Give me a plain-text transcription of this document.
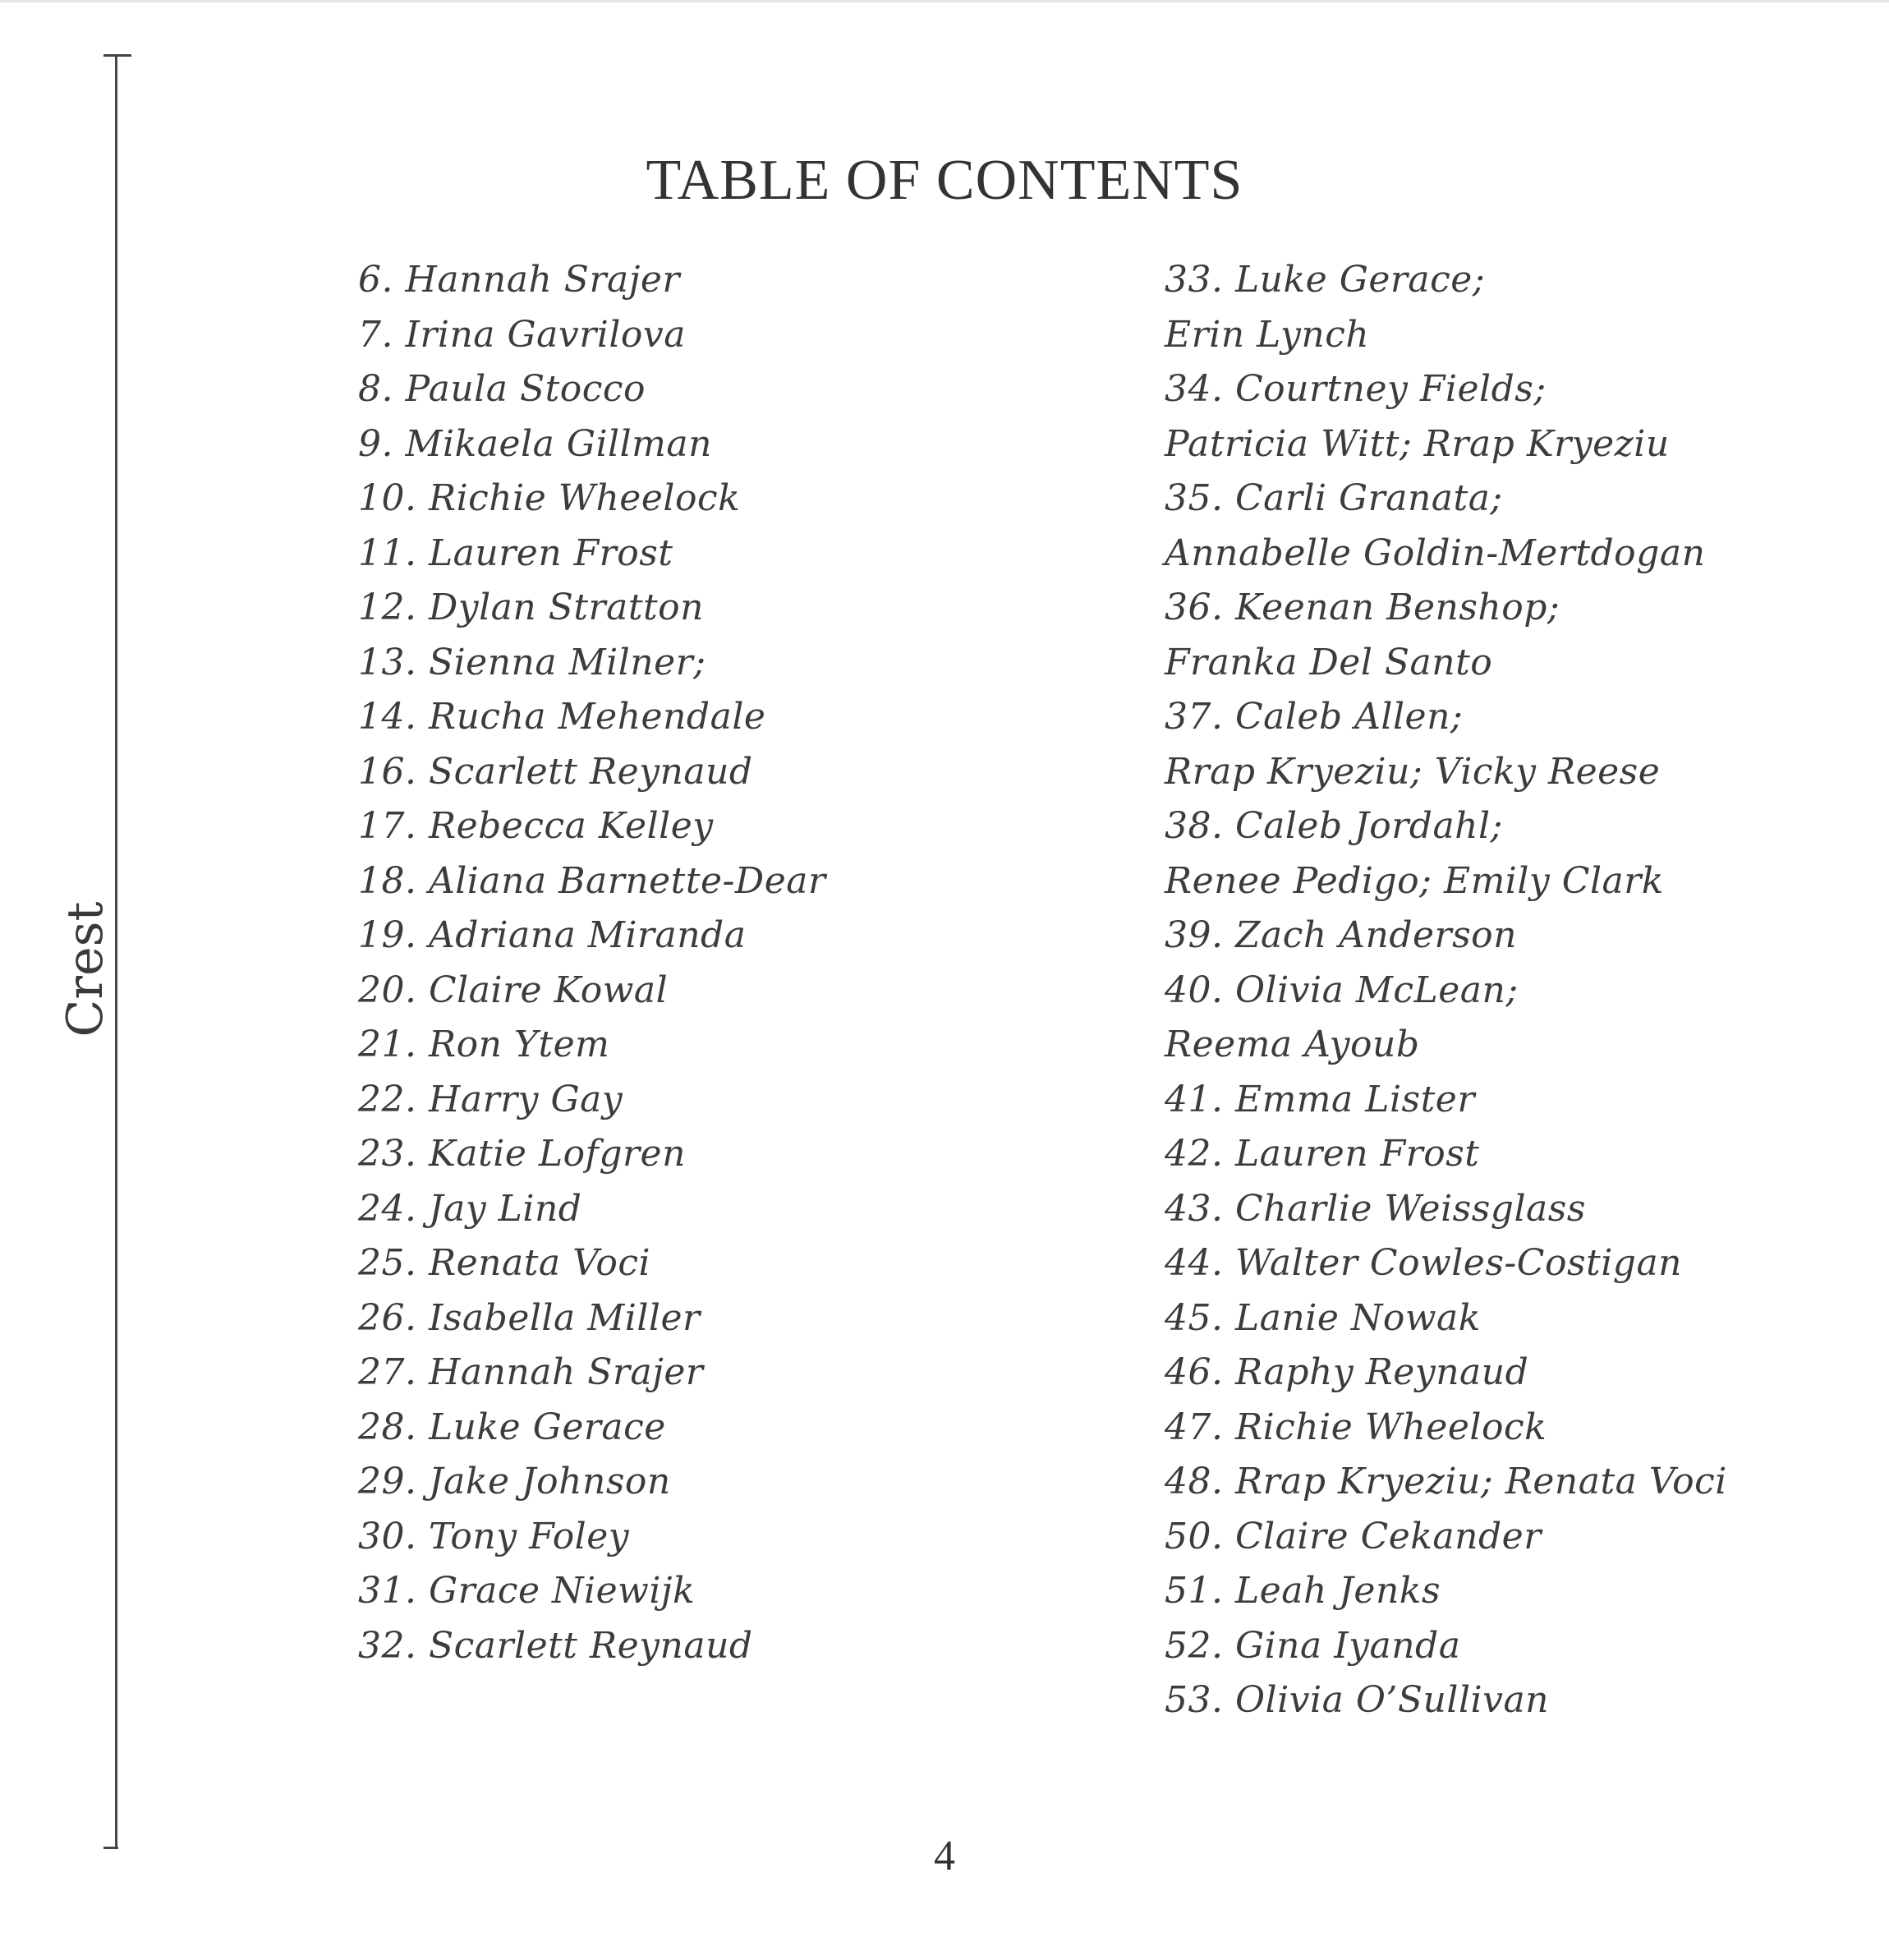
Crest
TABLE OF CONTENTS
6. Hannah Srajer
7. Irina Gavrilova
8. Paula Stocco
9. Mikaela Gillman
10. Richie Wheelock
11. Lauren Frost
12. Dylan Stratton
13. Sienna Milner;
14. Rucha Mehendale
16. Scarlett Reynaud
17. Rebecca Kelley
18. Aliana Barnette-Dear
19. Adriana Miranda
20. Claire Kowal
21. Ron Ytem
22. Harry Gay
23. Katie Lofgren
24. Jay Lind
25. Renata Voci
26. Isabella Miller
27. Hannah Srajer
28. Luke Gerace
29. Jake Johnson
30. Tony Foley
31. Grace Niewijk
32. Scarlett Reynaud
33. Luke Gerace;
Erin Lynch
34. Courtney Fields;
Patricia Witt; Rrap Kryeziu
35. Carli Granata;
Annabelle Goldin-Mertdogan
36. Keenan Benshop;
Franka Del Santo
37. Caleb Allen;
Rrap Kryeziu; Vicky Reese
38. Caleb Jordahl;
Renee Pedigo; Emily Clark
39. Zach Anderson
40. Olivia McLean;
Reema Ayoub
41. Emma Lister
42. Lauren Frost
43. Charlie Weissglass
44. Walter Cowles-Costigan
45. Lanie Nowak
46. Raphy Reynaud
47. Richie Wheelock
48. Rrap Kryeziu; Renata Voci
50. Claire Cekander
51. Leah Jenks
52. Gina Iyanda
53. Olivia O’Sullivan
4
